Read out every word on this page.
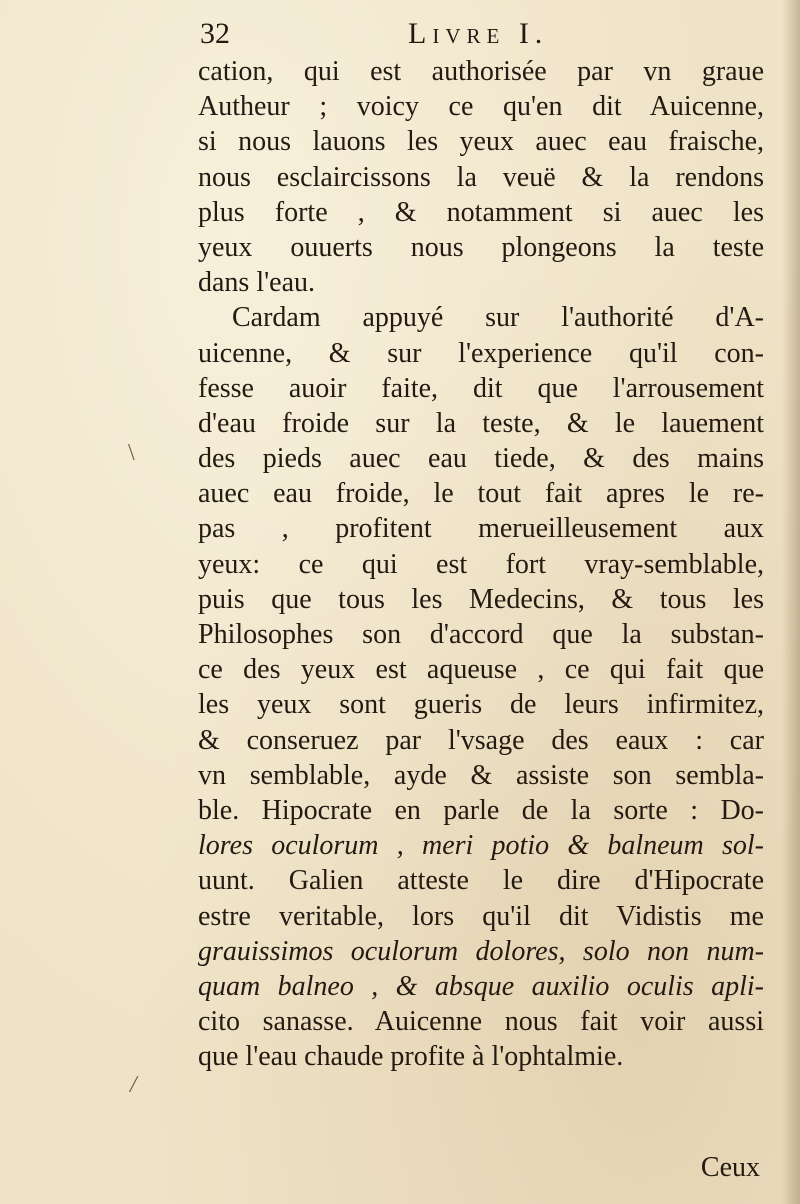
32	Livre I.
cation, qui est authorisée par vn graue
Autheur ; voicy ce qu'en dit Auicenne,
si nous lauons les yeux auec eau fraische,
nous esclaircissons la veuë & la rendons
plus forte , & notamment si auec les
yeux ouuerts nous plongeons la teste
dans l'eau.
Cardam appuyé sur l'authorité d'A-
uicenne, & sur l'experience qu'il con-
fesse auoir faite, dit que l'arrousement
d'eau froide sur la teste, & le lauement
des pieds auec eau tiede, & des mains
auec eau froide, le tout fait apres le re-
pas , profitent merueilleusement aux
yeux: ce qui est fort vray-semblable,
puis que tous les Medecins, & tous les
Philosophes son d'accord que la substan-
ce des yeux est aqueuse , ce qui fait que
les yeux sont gueris de leurs infirmitez,
& conseruez par l'vsage des eaux : car
vn semblable, ayde & assiste son sembla-
ble. Hipocrate en parle de la sorte : Do-
lores oculorum , meri potio & balneum sol-
uunt. Galien atteste le dire d'Hipocrate
estre veritable, lors qu'il dit Vidistis me
grauissimos oculorum dolores, solo non num-
quam balneo , & absque auxilio oculis apli-
cito sanasse. Auicenne nous fait voir aussi
que l'eau chaude profite à l'ophtalmie.
Ceux
\
/
